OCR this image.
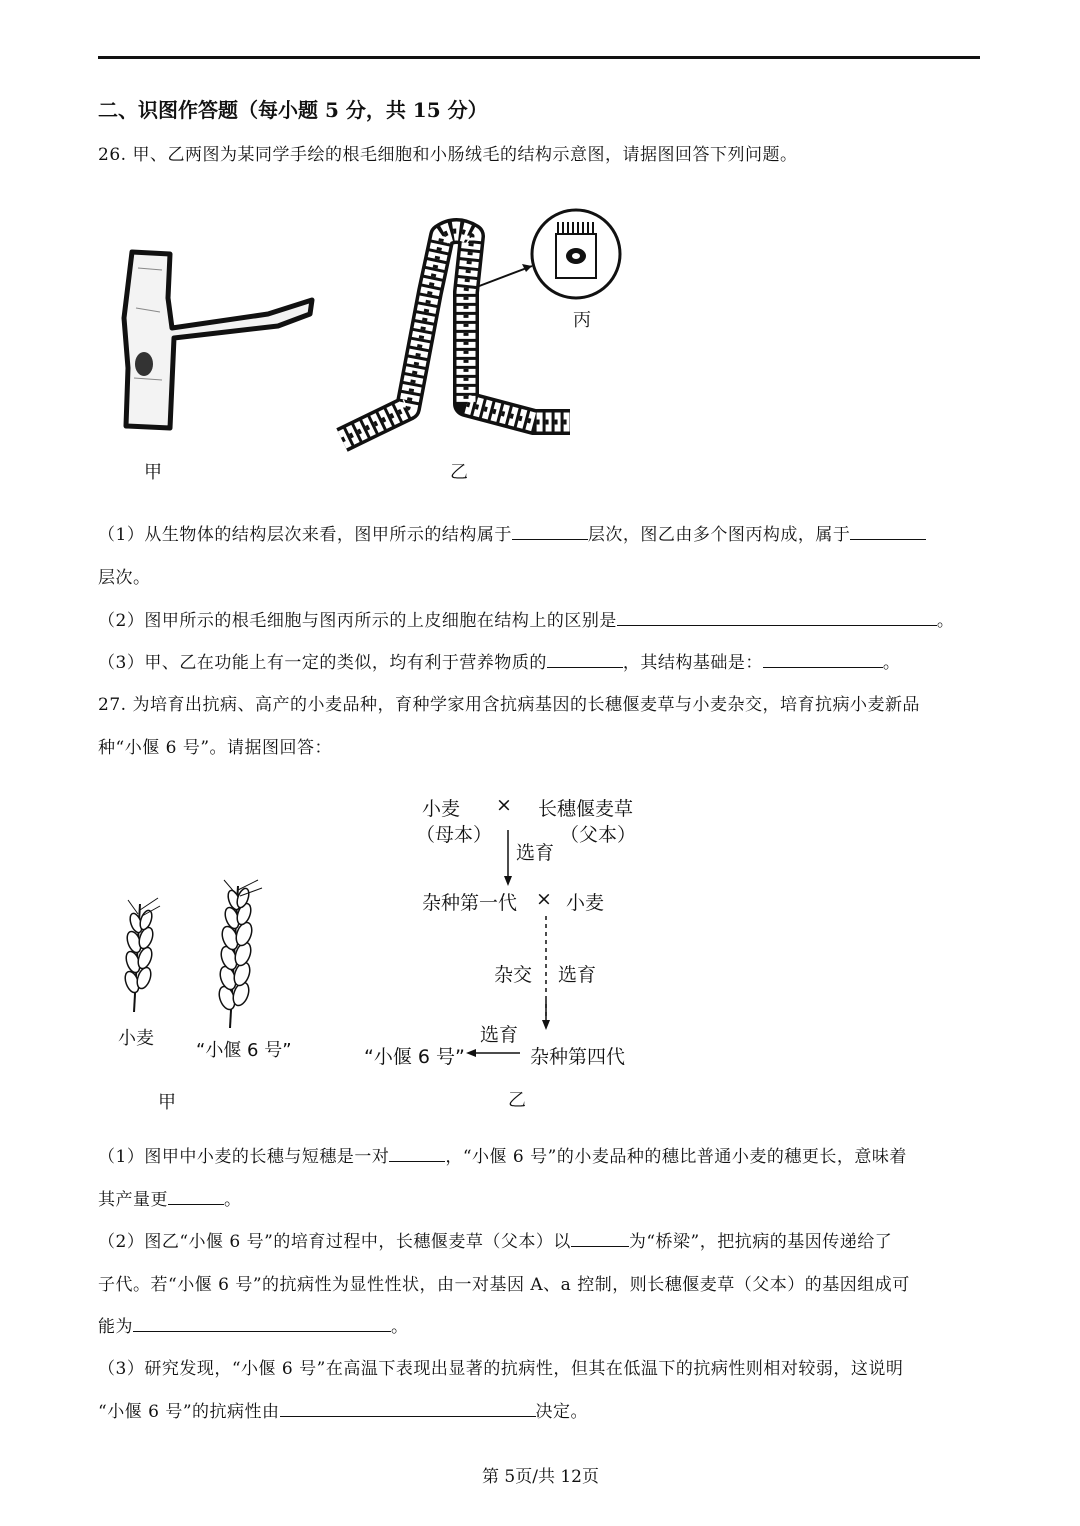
二、识图作答题（每小题 5 分，共 15 分）
26. 甲、乙两图为某同学手绘的根毛细胞和小肠绒毛的结构示意图，请据图回答下列问题。
甲	乙
丙
（1）从生物体的结构层次来看，图甲所示的结构属于	层次，图乙由多个图丙构成，属于
层次。
（2）图甲所示的根毛细胞与图丙所示的上皮细胞在结构上的区别是	。
（3）甲、乙在功能上有一定的类似，均有利于营养物质的	，其结构基础是：	。
27. 为培育出抗病、高产的小麦品种，育种学家用含抗病基因的长穗偃麦草与小麦杂交，培育抗病小麦新品
种“小偃 6 号”。请据图回答：
小麦
“小偃 6 号”
甲
小麦 × 长穗偃麦草
（母本）	（父本）
选育
杂种第一代 × 小麦
杂交 选育
选育
“小偃 6 号”	杂种第四代
乙
（1）图甲中小麦的长穗与短穗是一对	，“小偃 6 号”的小麦品种的穗比普通小麦的穗更长，意味着
其产量更	。
（2）图乙“小偃 6 号”的培育过程中，长穗偃麦草（父本）以	为“桥梁”，把抗病的基因传递给了
子代。若“小偃 6 号”的抗病性为显性性状，由一对基因 A、a 控制，则长穗偃麦草（父本）的基因组成可
能为	。
（3）研究发现，“小偃 6 号”在高温下表现出显著的抗病性，但其在低温下的抗病性则相对较弱，这说明
“小偃 6 号”的抗病性由	决定。
第 5页/共 12页
